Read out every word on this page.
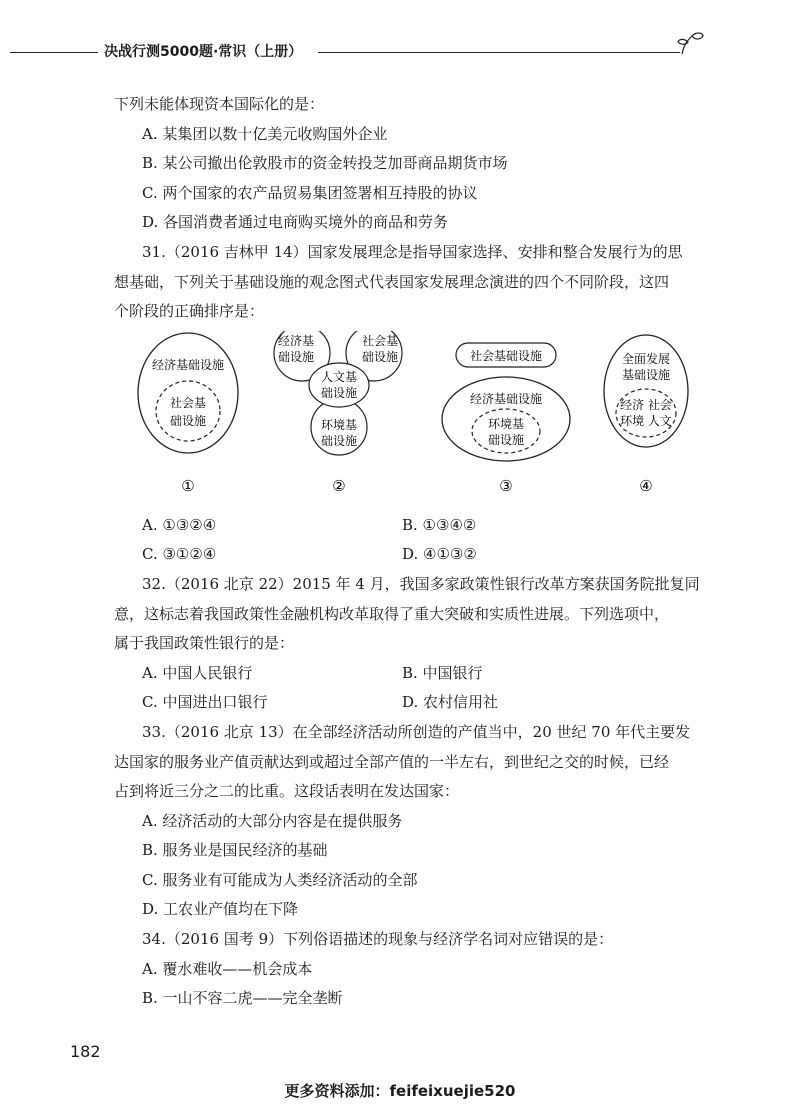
决战行测5000题·常识（上册）
下列未能体现资本国际化的是：
A. 某集团以数十亿美元收购国外企业
B. 某公司撤出伦敦股市的资金转投芝加哥商品期货市场
C. 两个国家的农产品贸易集团签署相互持股的协议
D. 各国消费者通过电商购买境外的商品和劳务
31.（2016 吉林甲 14）国家发展理念是指导国家选择、安排和整合发展行为的思
想基础，下列关于基础设施的观念图式代表国家发展理念演进的四个不同阶段，这四
个阶段的正确排序是：
经济基础设施
社会基
础设施
①
经济基
础设施
社会基
础设施
人文基
础设施
环境基
础设施
②
社会基础设施
经济基础设施
环境基
础设施
③
全面发展
基础设施
经济 社会
环境 人文
④
A. ①③②④	B. ①③④②
C. ③①②④	D. ④①③②
32.（2016 北京 22）2015 年 4 月，我国多家政策性银行改革方案获国务院批复同
意，这标志着我国政策性金融机构改革取得了重大突破和实质性进展。下列选项中，
属于我国政策性银行的是：
A. 中国人民银行	B. 中国银行
C. 中国进出口银行	D. 农村信用社
33.（2016 北京 13）在全部经济活动所创造的产值当中，20 世纪 70 年代主要发
达国家的服务业产值贡献达到或超过全部产值的一半左右，到世纪之交的时候，已经
占到将近三分之二的比重。这段话表明在发达国家：
A. 经济活动的大部分内容是在提供服务
B. 服务业是国民经济的基础
C. 服务业有可能成为人类经济活动的全部
D. 工农业产值均在下降
34.（2016 国考 9）下列俗语描述的现象与经济学名词对应错误的是：
A. 覆水难收——机会成本
B. 一山不容二虎——完全垄断
182
更多资料添加：feifeixuejie520
